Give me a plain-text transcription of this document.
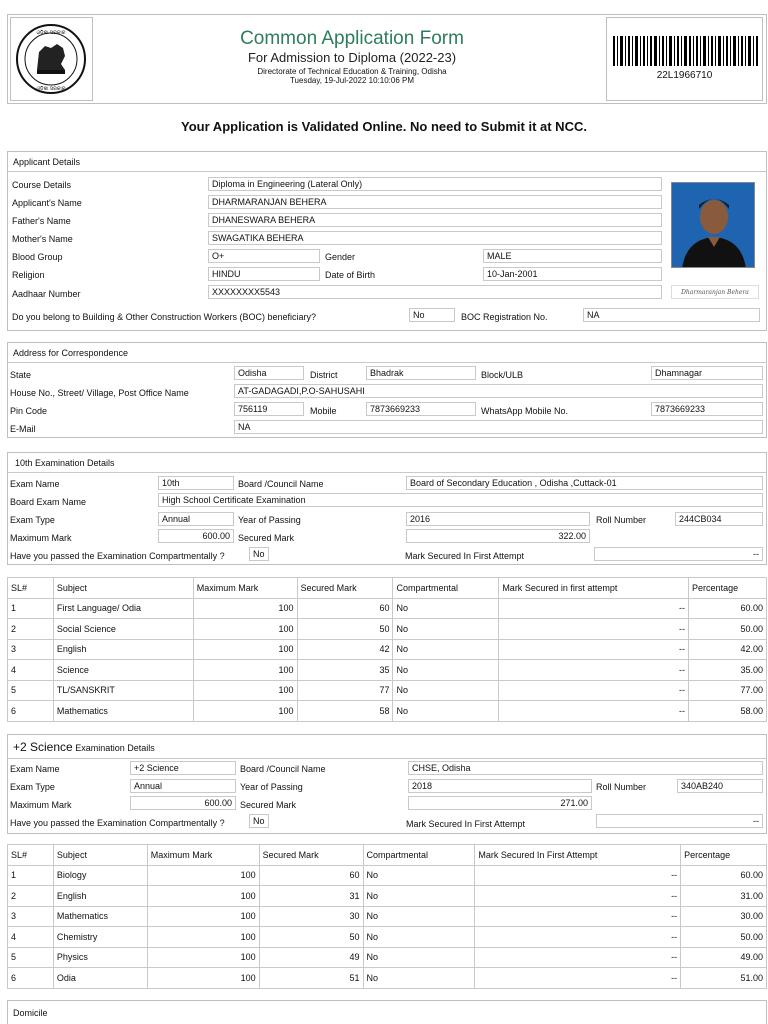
ଓଡ଼ିଶା ସରକାର
ଓଡ଼ିଶା ସରକାର
Common Application Form
For Admission to Diploma (2022-23)
Directorate of Technical Education & Training, Odisha
Tuesday, 19-Jul-2022 10:10:06 PM	22L1966710
Your Application is Validated Online. No need to Submit it at NCC.
Applicant Details
Course Details	Diploma in Engineering (Lateral Only)
Applicant's Name	DHARMARANJAN BEHERA
Father's Name	DHANESWARA BEHERA
Mother's Name	SWAGATIKA BEHERA
Blood Group	O+	Gender	MALE
Religion	HINDU	Date of Birth	10-Jan-2001
Aadhaar Number	XXXXXXXX5543	Dharmaranjan Behera
Do you belong to Building & Other Construction Workers (BOC) beneficiary?	No	BOC Registration No.	NA
Address for Correspondence
State	Odisha	District	Bhadrak	Block/ULB	Dhamnagar
House No., Street/ Village, Post Office Name	AT-GADAGADI,P.O-SAHUSAHI
Pin Code	756119	Mobile	7873669233	WhatsApp Mobile No.	7873669233
E-Mail	NA
10th Examination Details
Exam Name	10th	Board /Council Name	Board of Secondary Education , Odisha ,Cuttack-01
Board Exam Name	High School Certificate Examination
Exam Type	Annual	Year of Passing	2016	Roll Number	244CB034
Maximum Mark	600.00 Secured Mark	322.00
Have you passed the Examination Compartmentally ?	No	Mark Secured In First Attempt	--
SL#	Subject	Maximum Mark	Secured Mark	Compartmental	Mark Secured in first attempt	Percentage
1	First Language/ Odia	100	60	No	--	60.00
2	Social Science	100	50	No	--	50.00
3	English	100	42	No	--	42.00
4	Science	100	35	No	--	35.00
5	TL/SANSKRIT	100	77	No	--	77.00
6	Mathematics	100	58	No	--	58.00
+2 Science Examination Details
Exam Name	+2 Science	Board /Council Name	CHSE, Odisha
Exam Type	Annual	Year of Passing	2018	Roll Number	340AB240
Maximum Mark	600.00 Secured Mark	271.00
Have you passed the Examination Compartmentally ?	No	Mark Secured In First Attempt	--
SL#	Subject	Maximum Mark	Secured Mark	Compartmental	Mark Secured In First Attempt	Percentage
1	Biology	100	60	No	--	60.00
2	English	100	31	No	--	31.00
3	Mathematics	100	30	No	--	30.00
4	Chemistry	100	50	No	--	50.00
5	Physics	100	49	No	--	49.00
6	Odia	100	51	No	--	51.00
Domicile
